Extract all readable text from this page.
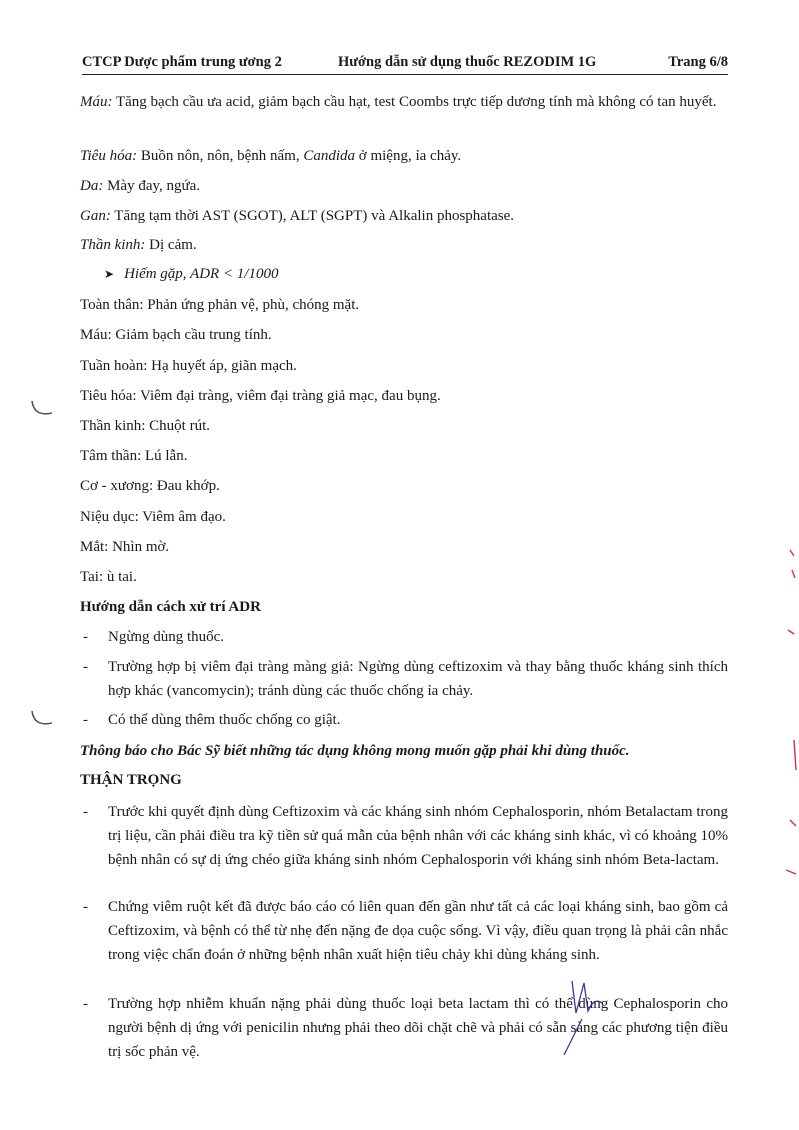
CTCP Dược phẩm trung ương 2	Hướng dẫn sử dụng thuốc REZODIM 1G	Trang 6/8

Máu: Tăng bạch cầu ưa acid, giảm bạch cầu hạt, test Coombs trực tiếp dương tính mà không có tan huyết.

Tiêu hóa: Buồn nôn, nôn, bệnh nấm, Candida ở miệng, ỉa chảy.

Da: Mày đay, ngứa.

Gan: Tăng tạm thời AST (SGOT), ALT (SGPT) và Alkalin phosphatase.

Thần kinh: Dị cảm.

➤ Hiếm gặp, ADR < 1/1000

Toàn thân: Phản ứng phản vệ, phù, chóng mặt.

Máu: Giảm bạch cầu trung tính.

Tuần hoàn: Hạ huyết áp, giãn mạch.

Tiêu hóa: Viêm đại tràng, viêm đại tràng giả mạc, đau bụng.

Thần kinh: Chuột rút.

Tâm thần: Lú lẫn.

Cơ - xương: Đau khớp.

Niệu dục: Viêm âm đạo.

Mắt: Nhìn mờ.

Tai: ù tai.

Hướng dẫn cách xử trí ADR

- Ngừng dùng thuốc.
- Trường hợp bị viêm đại tràng màng giả: Ngừng dùng ceftizoxim và thay bằng thuốc kháng sinh thích hợp khác (vancomycin); tránh dùng các thuốc chống ỉa chảy.
- Có thể dùng thêm thuốc chống co giật.

Thông báo cho Bác Sỹ biết những tác dụng không mong muốn gặp phải khi dùng thuốc.

THẬN TRỌNG

- Trước khi quyết định dùng Ceftizoxim và các kháng sinh nhóm Cephalosporin, nhóm Betalactam trong trị liệu, cần phải điều tra kỹ tiền sử quá mẫn của bệnh nhân với các kháng sinh khác, vì có khoảng 10% bệnh nhân có sự dị ứng chéo giữa kháng sinh nhóm Cephalosporin với kháng sinh nhóm Beta-lactam.
- Chứng viêm ruột kết đã được báo cáo có liên quan đến gần như tất cả các loại kháng sinh, bao gồm cả Ceftizoxim, và bệnh có thể từ nhẹ đến nặng đe dọa cuộc sống. Vì vậy, điều quan trọng là phải cân nhắc trong việc chẩn đoán ở những bệnh nhân xuất hiện tiêu chảy khi dùng kháng sinh.
- Trường hợp nhiễm khuẩn nặng phải dùng thuốc loại beta lactam thì có thể dùng Cephalosporin cho người bệnh dị ứng với penicilin nhưng phải theo dõi chặt chẽ và phải có sẵn sàng các phương tiện điều trị sốc phản vệ.
